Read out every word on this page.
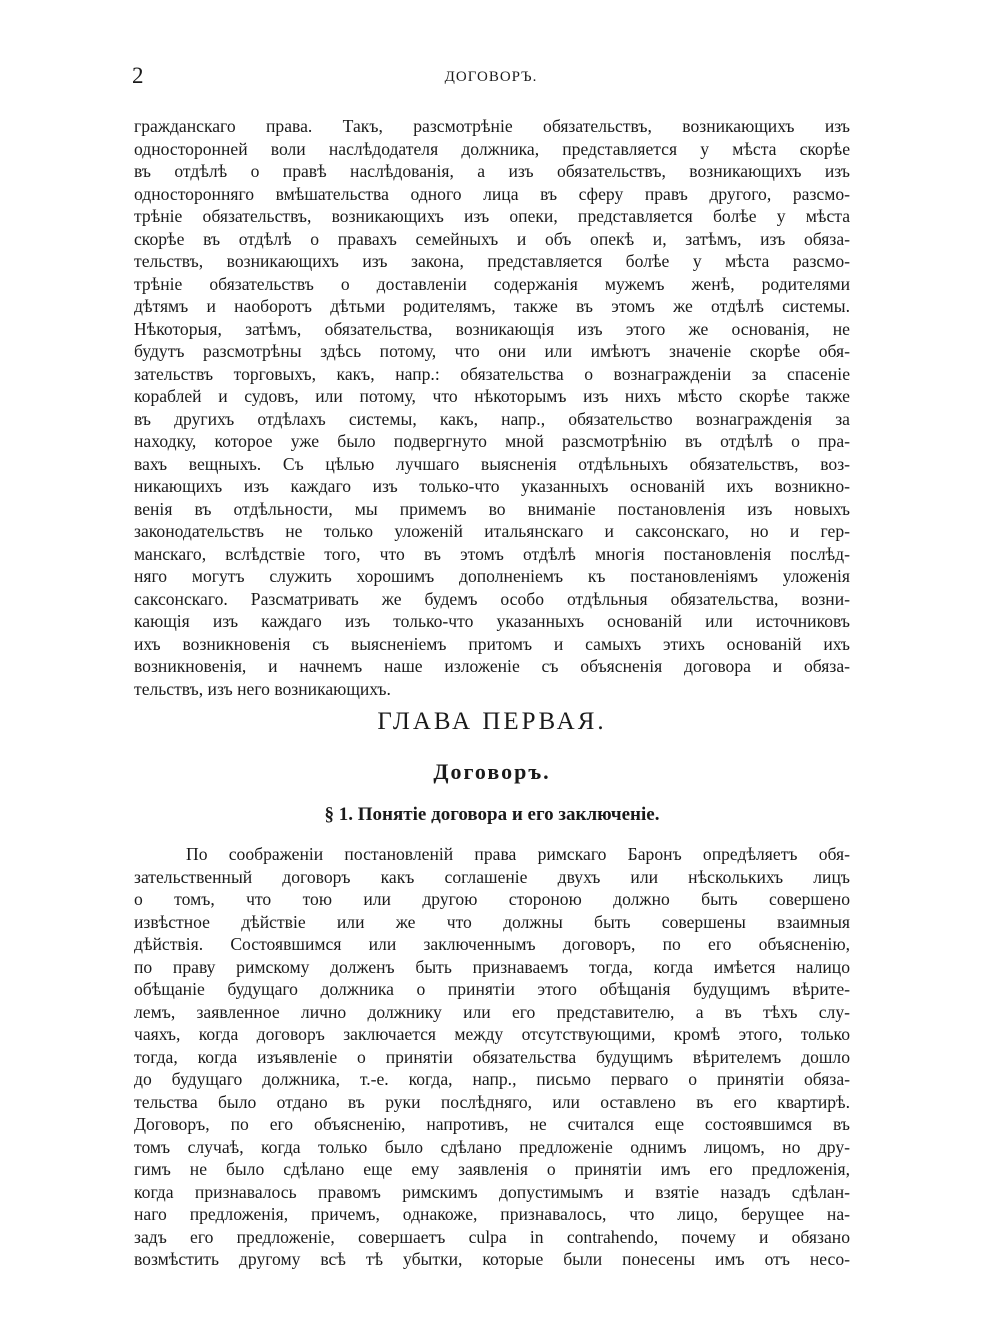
2	ДОГОВОРЪ.
гражданскаго права. Такъ, разсмотрѣніе обязательствъ, возникающихъ изъ
односторонней воли наслѣдодателя должника, представляется у мѣста скорѣе
въ отдѣлѣ о правѣ наслѣдованія, а изъ обязательствъ, возникающихъ изъ
односторонняго вмѣшательства одного лица въ сферу правъ другого, разсмо-
трѣніе обязательствъ, возникающихъ изъ опеки, представляется болѣе у мѣста
скорѣе въ отдѣлѣ о правахъ семейныхъ и объ опекѣ и, затѣмъ, изъ обяза-
тельствъ, возникающихъ изъ закона, представляется болѣе у мѣста разсмо-
трѣніе обязательствъ о доставленіи содержанія мужемъ женѣ, родителями
дѣтямъ и наоборотъ дѣтьми родителямъ, также въ этомъ же отдѣлѣ системы.
Нѣкоторыя, затѣмъ, обязательства, возникающія изъ этого же основанія, не
будутъ разсмотрѣны здѣсь потому, что они или имѣютъ значеніе скорѣе обя-
зательствъ торговыхъ, какъ, напр.: обязательства о вознагражденіи за спасеніе
кораблей и судовъ, или потому, что нѣкоторымъ изъ нихъ мѣсто скорѣе также
въ другихъ отдѣлахъ системы, какъ, напр., обязательство вознагражденія за
находку, которое уже было подвергнуто мной разсмотрѣнію въ отдѣлѣ о пра-
вахъ вещныхъ. Съ цѣлью лучшаго выясненія отдѣльныхъ обязательствъ, воз-
никающихъ изъ каждаго изъ только-что указанныхъ основаній ихъ возникно-
венія въ отдѣльности, мы примемъ во вниманіе постановленія изъ новыхъ
законодательствъ не только уложеній итальянскаго и саксонскаго, но и гер-
манскаго, вслѣдствіе того, что въ этомъ отдѣлѣ многія постановленія послѣд-
няго могутъ служить хорошимъ дополненіемъ къ постановленіямъ уложенія
саксонскаго. Разсматривать же будемъ особо отдѣльныя обязательства, возни-
кающія изъ каждаго изъ только-что указанныхъ основаній или источниковъ
ихъ возникновенія съ выясненіемъ притомъ и самыхъ этихъ основаній ихъ
возникновенія, и начнемъ наше изложеніе съ объясненія договора и обяза-
тельствъ, изъ него возникающихъ.
ГЛАВА ПЕРВАЯ.
Договоръ.
§ 1. Понятіе договора и его заключеніе.
По соображеніи постановленій права римскаго Баронъ опредѣляетъ обя-
зательственный договоръ какъ соглашеніе двухъ или нѣсколькихъ лицъ
о томъ, что тою или другою стороною должно быть совершено
извѣстное дѣйствіе или же что должны быть совершены взаимныя
дѣйствія. Состоявшимся или заключеннымъ договоръ, по его объясненію,
по праву римскому долженъ быть признаваемъ тогда, когда имѣется налицо
обѣщаніе будущаго должника о принятіи этого обѣщанія будущимъ вѣрите-
лемъ, заявленное лично должнику или его представителю, а въ тѣхъ слу-
чаяхъ, когда договоръ заключается между отсутствующими, кромѣ этого, только
тогда, когда изъявленіе о принятіи обязательства будущимъ вѣрителемъ дошло
до будущаго должника, т.-е. когда, напр., письмо перваго о принятіи обяза-
тельства было отдано въ руки послѣдняго, или оставлено въ его квартирѣ.
Договоръ, по его объясненію, напротивъ, не считался еще состоявшимся въ
томъ случаѣ, когда только было сдѣлано предложеніе однимъ лицомъ, но дру-
гимъ не было сдѣлано еще ему заявленія о принятіи имъ его предложенія,
когда признавалось правомъ римскимъ допустимымъ и взятіе назадъ сдѣлан-
наго предложенія, причемъ, однакоже, признавалось, что лицо, берущее на-
задъ его предложеніе, совершаетъ culpa in contrahendo, почему и обязано
возмѣстить другому всѣ тѣ убытки, которые были понесены имъ отъ несо-
